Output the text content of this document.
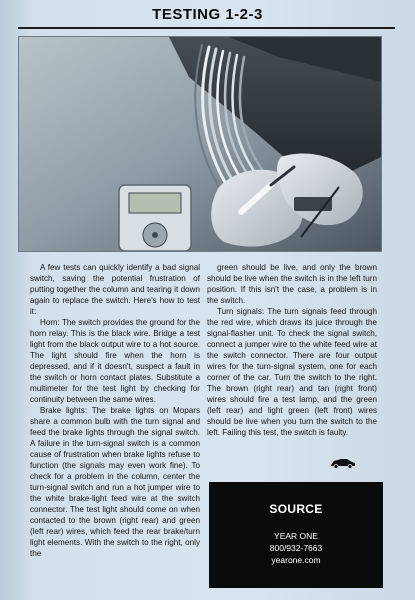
TESTING 1-2-3

A few tests can quickly identify a bad signal switch, saving the potential frustration of putting together the column and tearing it down again to replace the switch. Here's how to test it:

Horn: The switch provides the ground for the horn relay. This is the black wire. Bridge a test light from the black output wire to a hot source. The light should fire when the horn is depressed, and if it doesn't, suspect a fault in the switch or horn contact plates. Substitute a multimeter for the test light by checking for continuity between the same wires.

Brake lights: The brake lights on Mopars share a common bulb with the turn signal and feed the brake lights through the signal switch. A failure in the turn-signal switch is a common cause of frustration when brake lights refuse to function (the signals may even work fine). To check for a problem in the column, center the turn-signal switch and run a hot jumper wire to the white brake-light feed wire at the switch connector. The test light should come on when contacted to the brown (right rear) and green (left rear) wires, which feed the rear brake/turn light elements. With the switch to the right, only the

green should be live, and only the brown should be live when the switch is in the left turn position. If this isn't the case, a problem is in the switch.

Turn signals: The turn signals feed through the red wire, which draws its juice through the signal-flasher unit. To check the signal switch, connect a jumper wire to the white feed wire at the switch connector. There are four output wires for the turn-signal system, one for each corner of the car. Turn the switch to the right. The brown (right rear) and tan (right front) wires should fire a test lamp, and the green (left rear) and light green (left front) wires should be live when you turn the switch to the left. Failing this test, the switch is faulty.

SOURCE
YEAR ONE
800/932-7663
yearone.com
